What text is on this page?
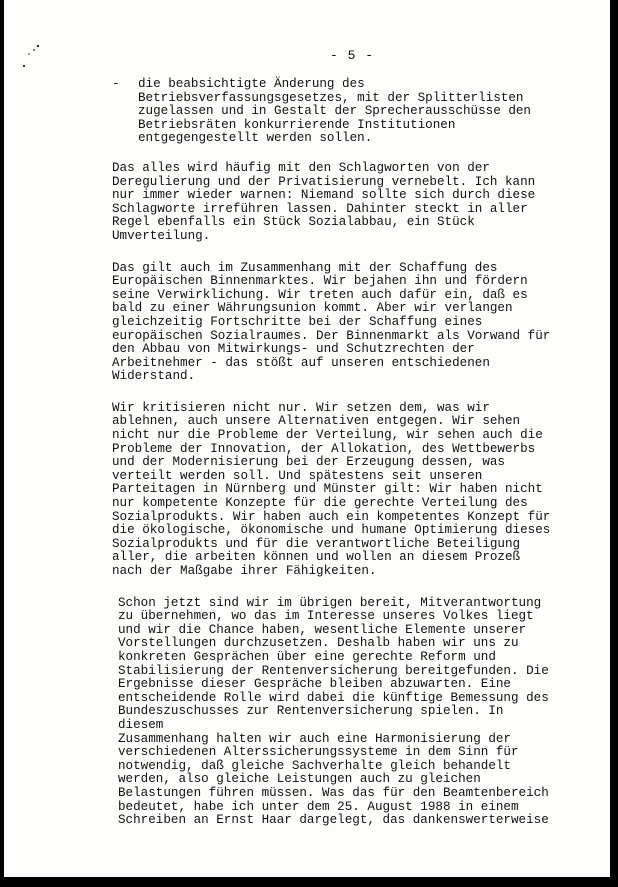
- 5 -
-	die beabsichtigte Änderung des
Betriebsverfassungsgesetzes, mit der Splitterlisten
zugelassen und in Gestalt der Sprecherausschüsse den
Betriebsräten konkurrierende Institutionen
entgegengestellt werden sollen.

Das alles wird häufig mit den Schlagworten von der
Deregulierung und der Privatisierung vernebelt. Ich kann
nur immer wieder warnen: Niemand sollte sich durch diese
Schlagworte irreführen lassen. Dahinter steckt in aller
Regel ebenfalls ein Stück Sozialabbau, ein Stück
Umverteilung.

Das gilt auch im Zusammenhang mit der Schaffung des
Europäischen Binnenmarktes. Wir bejahen ihn und fördern
seine Verwirklichung. Wir treten auch dafür ein, daß es
bald zu einer Währungsunion kommt. Aber wir verlangen
gleichzeitig Fortschritte bei der Schaffung eines
europäischen Sozialraumes. Der Binnenmarkt als Vorwand für
den Abbau von Mitwirkungs- und Schutzrechten der
Arbeitnehmer - das stößt auf unseren entschiedenen
Widerstand.

Wir kritisieren nicht nur. Wir setzen dem, was wir
ablehnen, auch unsere Alternativen entgegen. Wir sehen
nicht nur die Probleme der Verteilung, wir sehen auch die
Probleme der Innovation, der Allokation, des Wettbewerbs
und der Modernisierung bei der Erzeugung dessen, was
verteilt werden soll. Und spätestens seit unseren
Parteitagen in Nürnberg und Münster gilt: Wir haben nicht
nur kompetente Konzepte für die gerechte Verteilung des
Sozialprodukts. Wir haben auch ein kompetentes Konzept für
die ökologische, ökonomische und humane Optimierung dieses
Sozialprodukts und für die verantwortliche Beteiligung
aller, die arbeiten können und wollen an diesem Prozeß
nach der Maßgabe ihrer Fähigkeiten.

Schon jetzt sind wir im übrigen bereit, Mitverantwortung
zu übernehmen, wo das im Interesse unseres Volkes liegt
und wir die Chance haben, wesentliche Elemente unserer
Vorstellungen durchzusetzen. Deshalb haben wir uns zu
konkreten Gesprächen über eine gerechte Reform und
Stabilisierung der Rentenversicherung bereitgefunden. Die
Ergebnisse dieser Gespräche bleiben abzuwarten. Eine
entscheidende Rolle wird dabei die künftige Bemessung des
Bundeszuschusses zur Rentenversicherung spielen. In diesem
Zusammenhang halten wir auch eine Harmonisierung der
verschiedenen Alterssicherungssysteme in dem Sinn für
notwendig, daß gleiche Sachverhalte gleich behandelt
werden, also gleiche Leistungen auch zu gleichen
Belastungen führen müssen. Was das für den Beamtenbereich
bedeutet, habe ich unter dem 25. August 1988 in einem
Schreiben an Ernst Haar dargelegt, das dankenswerterweise
